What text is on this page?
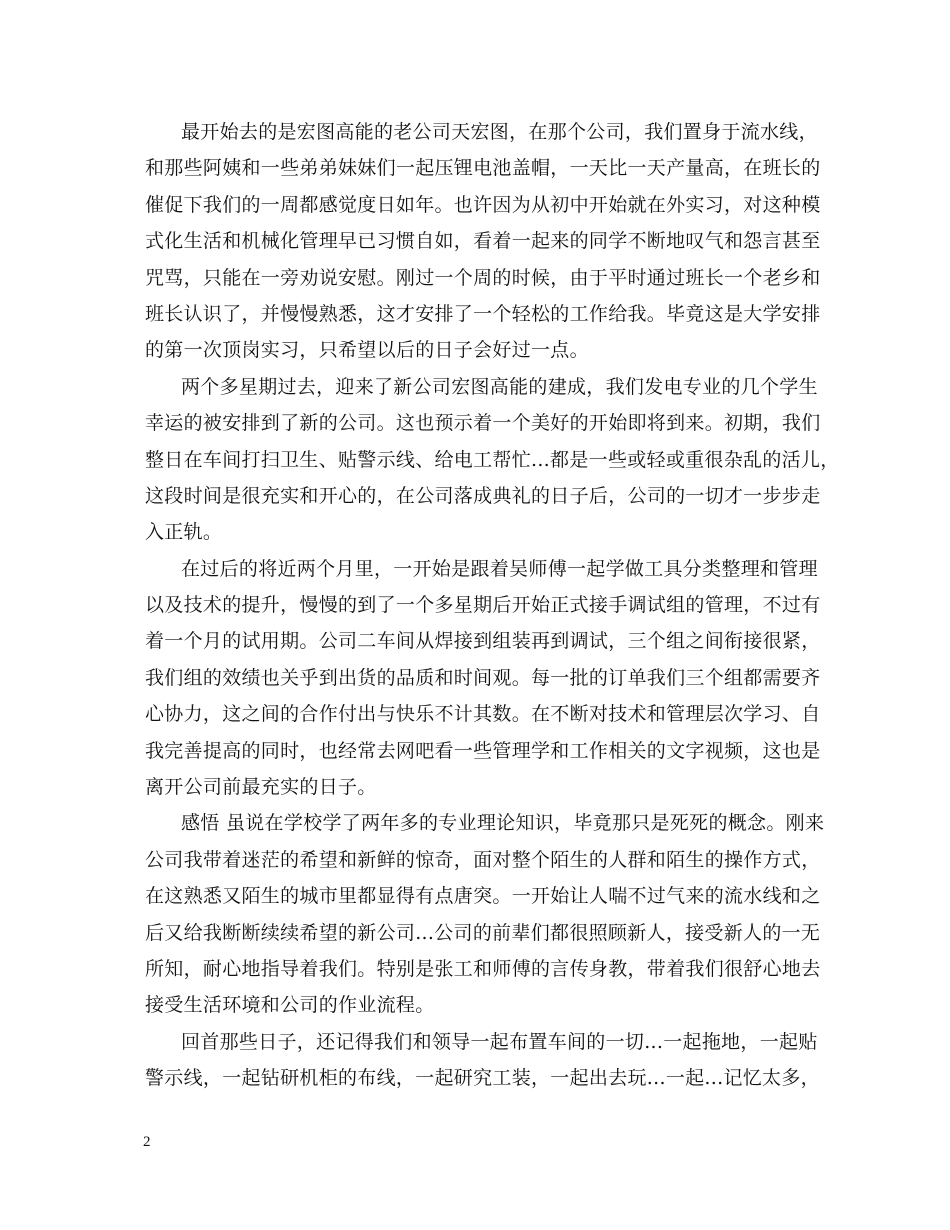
最开始去的是宏图高能的老公司天宏图，在那个公司，我们置身于流水线，
和那些阿姨和一些弟弟妹妹们一起压锂电池盖帽，一天比一天产量高，在班长的
催促下我们的一周都感觉度日如年。也许因为从初中开始就在外实习，对这种模
式化生活和机械化管理早已习惯自如，看着一起来的同学不断地叹气和怨言甚至
咒骂，只能在一旁劝说安慰。刚过一个周的时候，由于平时通过班长一个老乡和
班长认识了，并慢慢熟悉，这才安排了一个轻松的工作给我。毕竟这是大学安排
的第一次顶岗实习，只希望以后的日子会好过一点。
两个多星期过去，迎来了新公司宏图高能的建成，我们发电专业的几个学生
幸运的被安排到了新的公司。这也预示着一个美好的开始即将到来。初期，我们
整日在车间打扫卫生、贴警示线、给电工帮忙...都是一些或轻或重很杂乱的活儿，
这段时间是很充实和开心的，在公司落成典礼的日子后，公司的一切才一步步走
入正轨。
在过后的将近两个月里，一开始是跟着吴师傅一起学做工具分类整理和管理
以及技术的提升，慢慢的到了一个多星期后开始正式接手调试组的管理，不过有
着一个月的试用期。公司二车间从焊接到组装再到调试，三个组之间衔接很紧，
我们组的效绩也关乎到出货的品质和时间观。每一批的订单我们三个组都需要齐
心协力，这之间的合作付出与快乐不计其数。在不断对技术和管理层次学习、自
我完善提高的同时，也经常去网吧看一些管理学和工作相关的文字视频，这也是
离开公司前最充实的日子。
感悟 虽说在学校学了两年多的专业理论知识，毕竟那只是死死的概念。刚来
公司我带着迷茫的希望和新鲜的惊奇，面对整个陌生的人群和陌生的操作方式，
在这熟悉又陌生的城市里都显得有点唐突。一开始让人喘不过气来的流水线和之
后又给我断断续续希望的新公司...公司的前辈们都很照顾新人，接受新人的一无
所知，耐心地指导着我们。特别是张工和师傅的言传身教，带着我们很舒心地去
接受生活环境和公司的作业流程。
回首那些日子，还记得我们和领导一起布置车间的一切...一起拖地，一起贴
警示线，一起钻研机柜的布线，一起研究工装，一起出去玩...一起...记忆太多，
2
